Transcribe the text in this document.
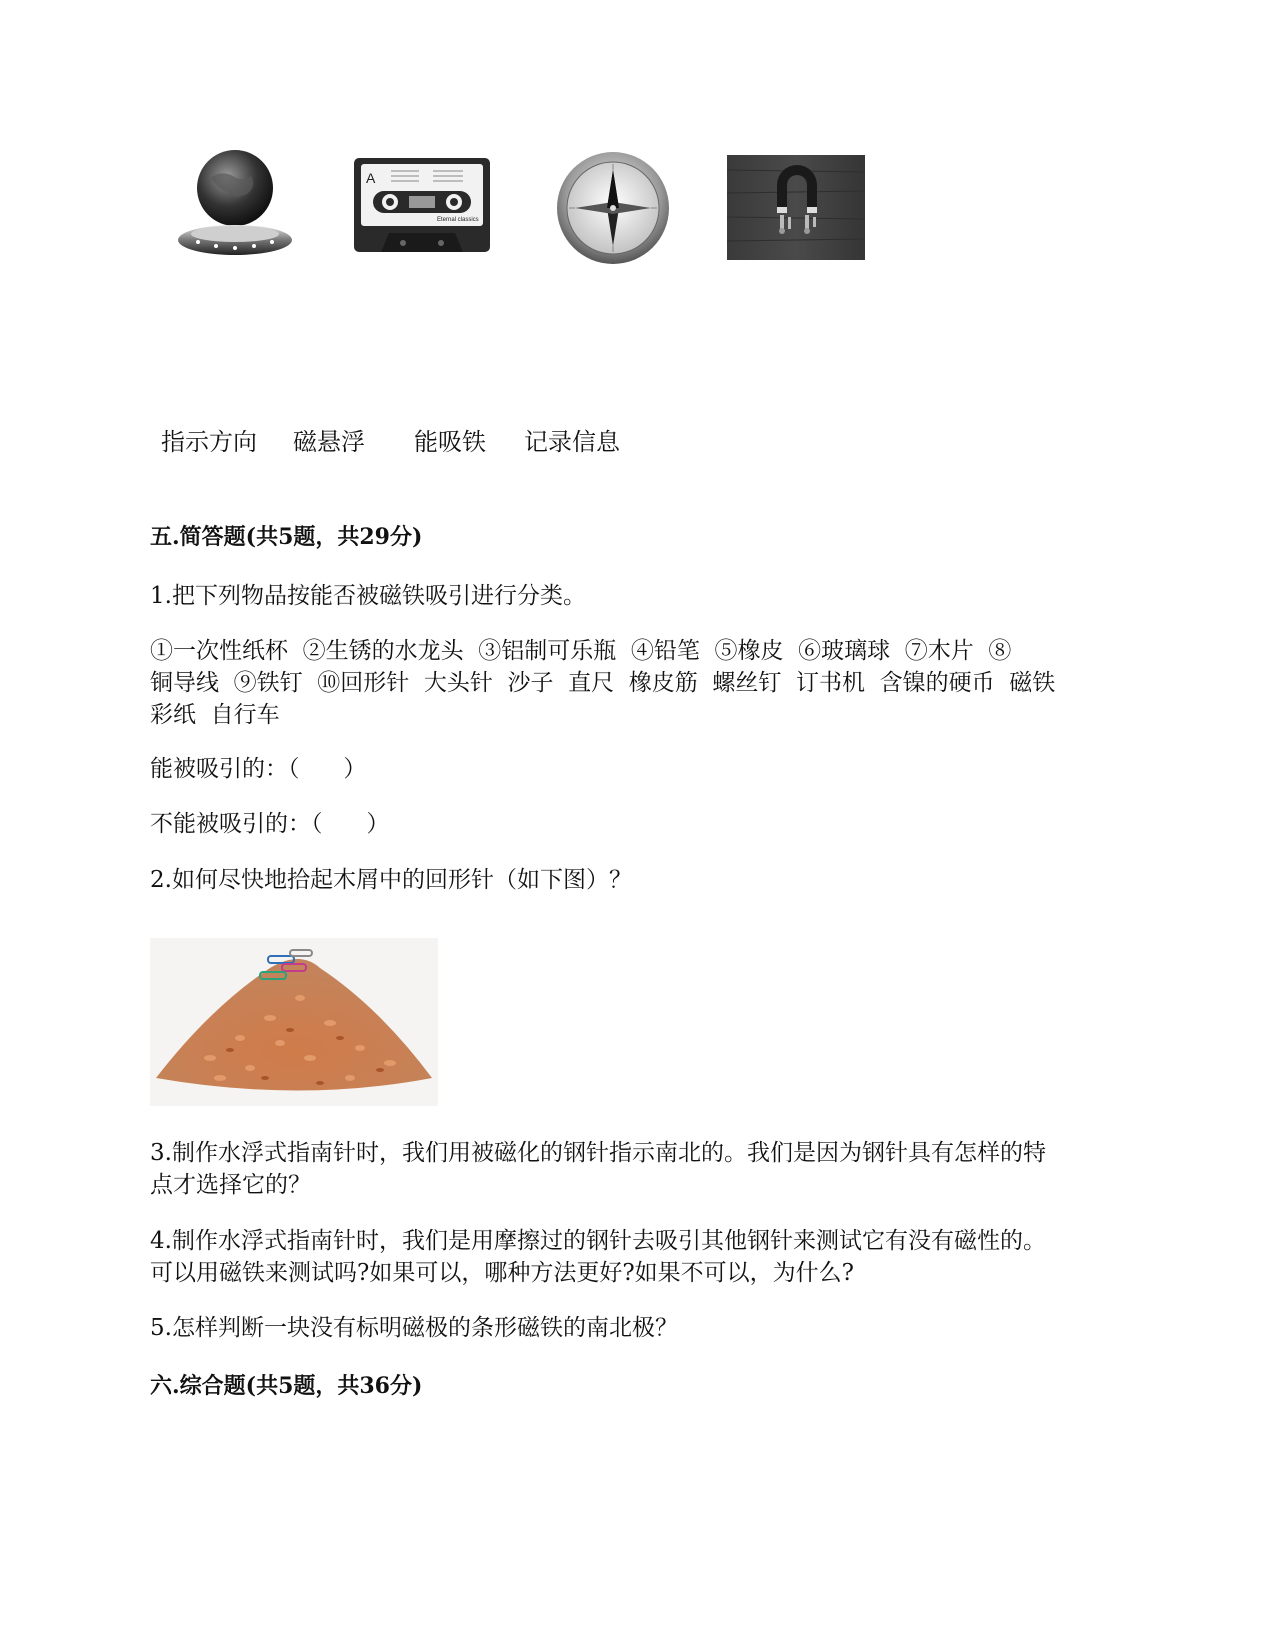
A
Eternal classics
指示方向 磁悬浮 能吸铁 记录信息
五.简答题(共5题，共29分)
1.把下列物品按能否被磁铁吸引进行分类。
①一次性纸杯  ②生锈的水龙头  ③铝制可乐瓶  ④铅笔  ⑤橡皮  ⑥玻璃球  ⑦木片  ⑧
铜导线  ⑨铁钉  ⑩回形针  大头针  沙子  直尺  橡皮筋  螺丝钉  订书机  含镍的硬币  磁铁
彩纸  自行车
能被吸引的：（      ）
不能被吸引的：（      ）
2.如何尽快地拾起木屑中的回形针（如下图）？
3.制作水浮式指南针时，我们用被磁化的钢针指示南北的。我们是因为钢针具有怎样的特
点才选择它的？
4.制作水浮式指南针时，我们是用摩擦过的钢针去吸引其他钢针来测试它有没有磁性的。
可以用磁铁来测试吗?如果可以，哪种方法更好?如果不可以，为什么?
5.怎样判断一块没有标明磁极的条形磁铁的南北极？
六.综合题(共5题，共36分)
